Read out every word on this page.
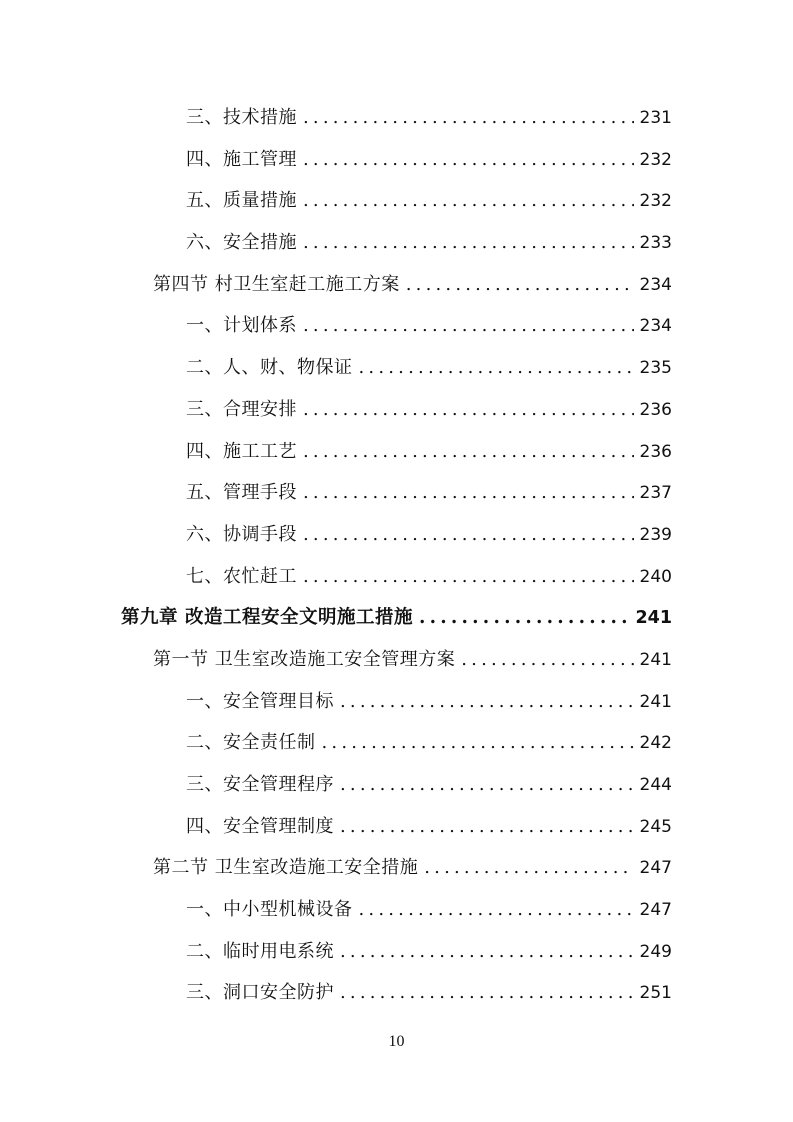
三、技术措施 .....	231
四、施工管理 .....	232
五、质量措施 .....	232
六、安全措施 .....	233
第四节 村卫生室赶工施工方案 .....	234
一、计划体系 .....	234
二、人、财、物保证 .....	235
三、合理安排 .....	236
四、施工工艺 .....	236
五、管理手段 .....	237
六、协调手段 .....	239
七、农忙赶工 .....	240
第九章 改造工程安全文明施工措施 .....	241
第一节 卫生室改造施工安全管理方案 .....	241
一、安全管理目标 .....	241
二、安全责任制 .....	242
三、安全管理程序 .....	244
四、安全管理制度 .....	245
第二节 卫生室改造施工安全措施 .....	247
一、中小型机械设备 .....	247
二、临时用电系统 .....	249
三、洞口安全防护 .....	251
10
